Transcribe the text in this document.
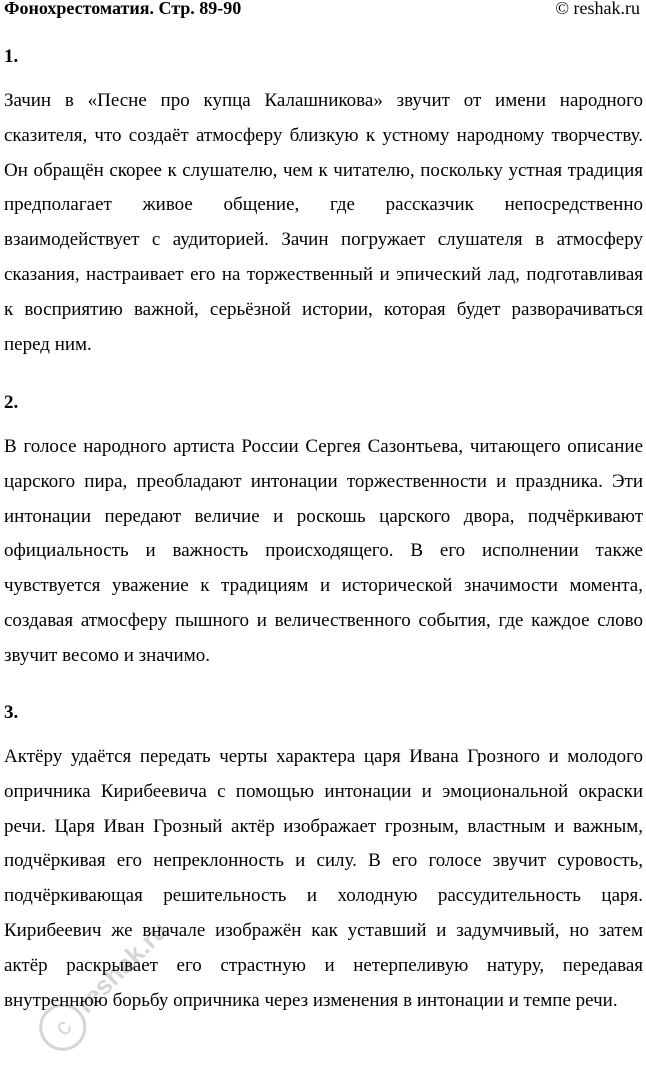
Фонохрестоматия. Стр. 89-90	© reshak.ru
1.

Зачин в «Песне про купца Калашникова» звучит от имени народного сказителя, что создаёт атмосферу близкую к устному народному творчеству. Он обращён скорее к слушателю, чем к читателю, поскольку устная традиция предполагает живое общение, где рассказчик непосредственно взаимодействует с аудиторией. Зачин погружает слушателя в атмосферу сказания, настраивает его на торжественный и эпический лад, подготавливая к восприятию важной, серьёзной истории, которая будет разворачиваться перед ним.

2.

В голосе народного артиста России Сергея Сазонтьева, читающего описание царского пира, преобладают интонации торжественности и праздника. Эти интонации передают величие и роскошь царского двора, подчёркивают официальность и важность происходящего. В его исполнении также чувствуется уважение к традициям и исторической значимости момента, создавая атмосферу пышного и величественного события, где каждое слово звучит весомо и значимо.

3.

Актёру удаётся передать черты характера царя Ивана Грозного и молодого опричника Кирибеевича с помощью интонации и эмоциональной окраски речи. Царя Иван Грозный актёр изображает грозным, властным и важным, подчёркивая его непреклонность и силу. В его голосе звучит суровость, подчёркивающая решительность и холодную рассудительность царя. Кирибеевич же вначале изображён как уставший и задумчивый, но затем актёр раскрывает его страстную и нетерпеливую натуру, передавая внутреннюю борьбу опричника через изменения в интонации и темпе речи.

c
reshak.ru
